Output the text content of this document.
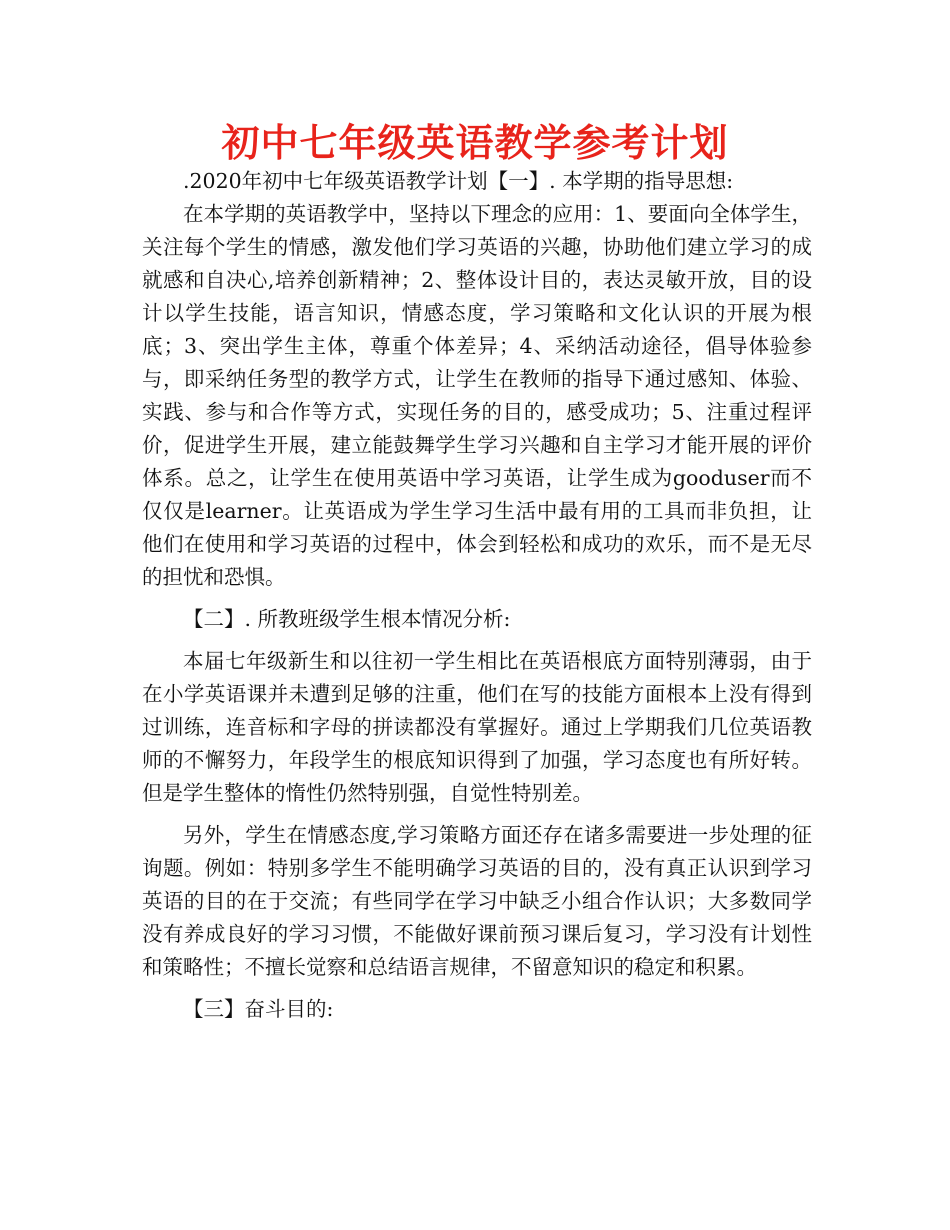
初中七年级英语教学参考计划

.2020年初中七年级英语教学计划【一】. 本学期的指导思想:

在本学期的英语教学中，坚持以下理念的应用：1、要面向全体学生，关注每个学生的情感，激发他们学习英语的兴趣，协助他们建立学习的成就感和自决心,培养创新精神；2、整体设计目的，表达灵敏开放，目的设计以学生技能，语言知识，情感态度，学习策略和文化认识的开展为根底；3、突出学生主体，尊重个体差异；4、采纳活动途径，倡导体验参与，即采纳任务型的教学方式，让学生在教师的指导下通过感知、体验、实践、参与和合作等方式，实现任务的目的，感受成功；5、注重过程评价，促进学生开展，建立能鼓舞学生学习兴趣和自主学习才能开展的评价体系。总之，让学生在使用英语中学习英语，让学生成为gooduser而不仅仅是learner。让英语成为学生学习生活中最有用的工具而非负担，让他们在使用和学习英语的过程中，体会到轻松和成功的欢乐，而不是无尽的担忧和恐惧。

【二】. 所教班级学生根本情况分析:

本届七年级新生和以往初一学生相比在英语根底方面特别薄弱，由于在小学英语课并未遭到足够的注重，他们在写的技能方面根本上没有得到过训练，连音标和字母的拼读都没有掌握好。通过上学期我们几位英语教师的不懈努力，年段学生的根底知识得到了加强，学习态度也有所好转。但是学生整体的惰性仍然特别强，自觉性特别差。

另外，学生在情感态度,学习策略方面还存在诸多需要进一步处理的征询题。例如：特别多学生不能明确学习英语的目的，没有真正认识到学习英语的目的在于交流；有些同学在学习中缺乏小组合作认识；大多数同学没有养成良好的学习习惯，不能做好课前预习课后复习，学习没有计划性和策略性；不擅长觉察和总结语言规律，不留意知识的稳定和积累。

【三】奋斗目的:
